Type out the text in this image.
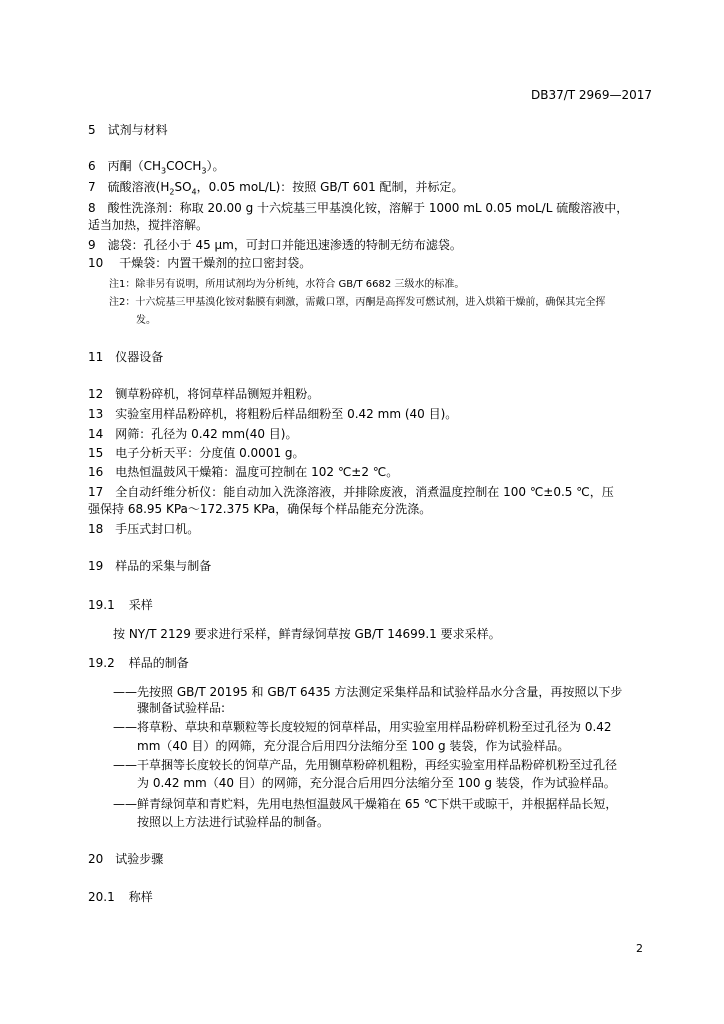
DB37/T 2969—2017
5 试剂与材料
6 丙酮$(CH_3COCH_3)$。
7 硫酸溶液($H_2SO_4$，0.05 moL/L)：按照 GB/T 601 配制，并标定。
8 酸性洗涤剂：称取 20.00 g 十六烷基三甲基溴化铵，溶解于 1000 mL 0.05 moL/L 硫酸溶液中，
适当加热，搅拌溶解。
9 滤袋：孔径小于 45 μm，可封口并能迅速渗透的特制无纺布滤袋。
10 干燥袋：内置干燥剂的拉口密封袋。
注1：除非另有说明，所用试剂均为分析纯，水符合 GB/T 6682 三级水的标准。
注2：十六烷基三甲基溴化铵对黏膜有刺激，需戴口罩，丙酮是高挥发可燃试剂，进入烘箱干燥前，确保其完全挥
发。
11 仪器设备
12 铡草粉碎机，将饲草样品铡短并粗粉。
13 实验室用样品粉碎机，将粗粉后样品细粉至 0.42 mm (40 目)。
14 网筛：孔径为 0.42 mm(40 目)。
15 电子分析天平：分度值 0.0001 g。
16 电热恒温鼓风干燥箱：温度可控制在 102 ℃±2 ℃。
17 全自动纤维分析仪：能自动加入洗涤溶液，并排除废液，消煮温度控制在 100 ℃±0.5 ℃，压
强保持 68.95 KPa～172.375 KPa，确保每个样品能充分洗涤。
18 手压式封口机。
19 样品的采集与制备
19.1 采样
按 NY/T 2129 要求进行采样，鲜青绿饲草按 GB/T 14699.1 要求采样。
19.2 样品的制备
——先按照 GB/T 20195 和 GB/T 6435 方法测定采集样品和试验样品水分含量，再按照以下步
骤制备试验样品:
——将草粉、草块和草颗粒等长度较短的饲草样品，用实验室用样品粉碎机粉至过孔径为 0.42
mm（40 目）的网筛，充分混合后用四分法缩分至 100 g 装袋，作为试验样品。
——干草捆等长度较长的饲草产品，先用铡草粉碎机粗粉，再经实验室用样品粉碎机粉至过孔径
为 0.42 mm（40 目）的网筛，充分混合后用四分法缩分至 100 g 装袋，作为试验样品。
——鲜青绿饲草和青贮料，先用电热恒温鼓风干燥箱在 65 ℃下烘干或晾干，并根据样品长短，
按照以上方法进行试验样品的制备。
20 试验步骤
20.1 称样
2
